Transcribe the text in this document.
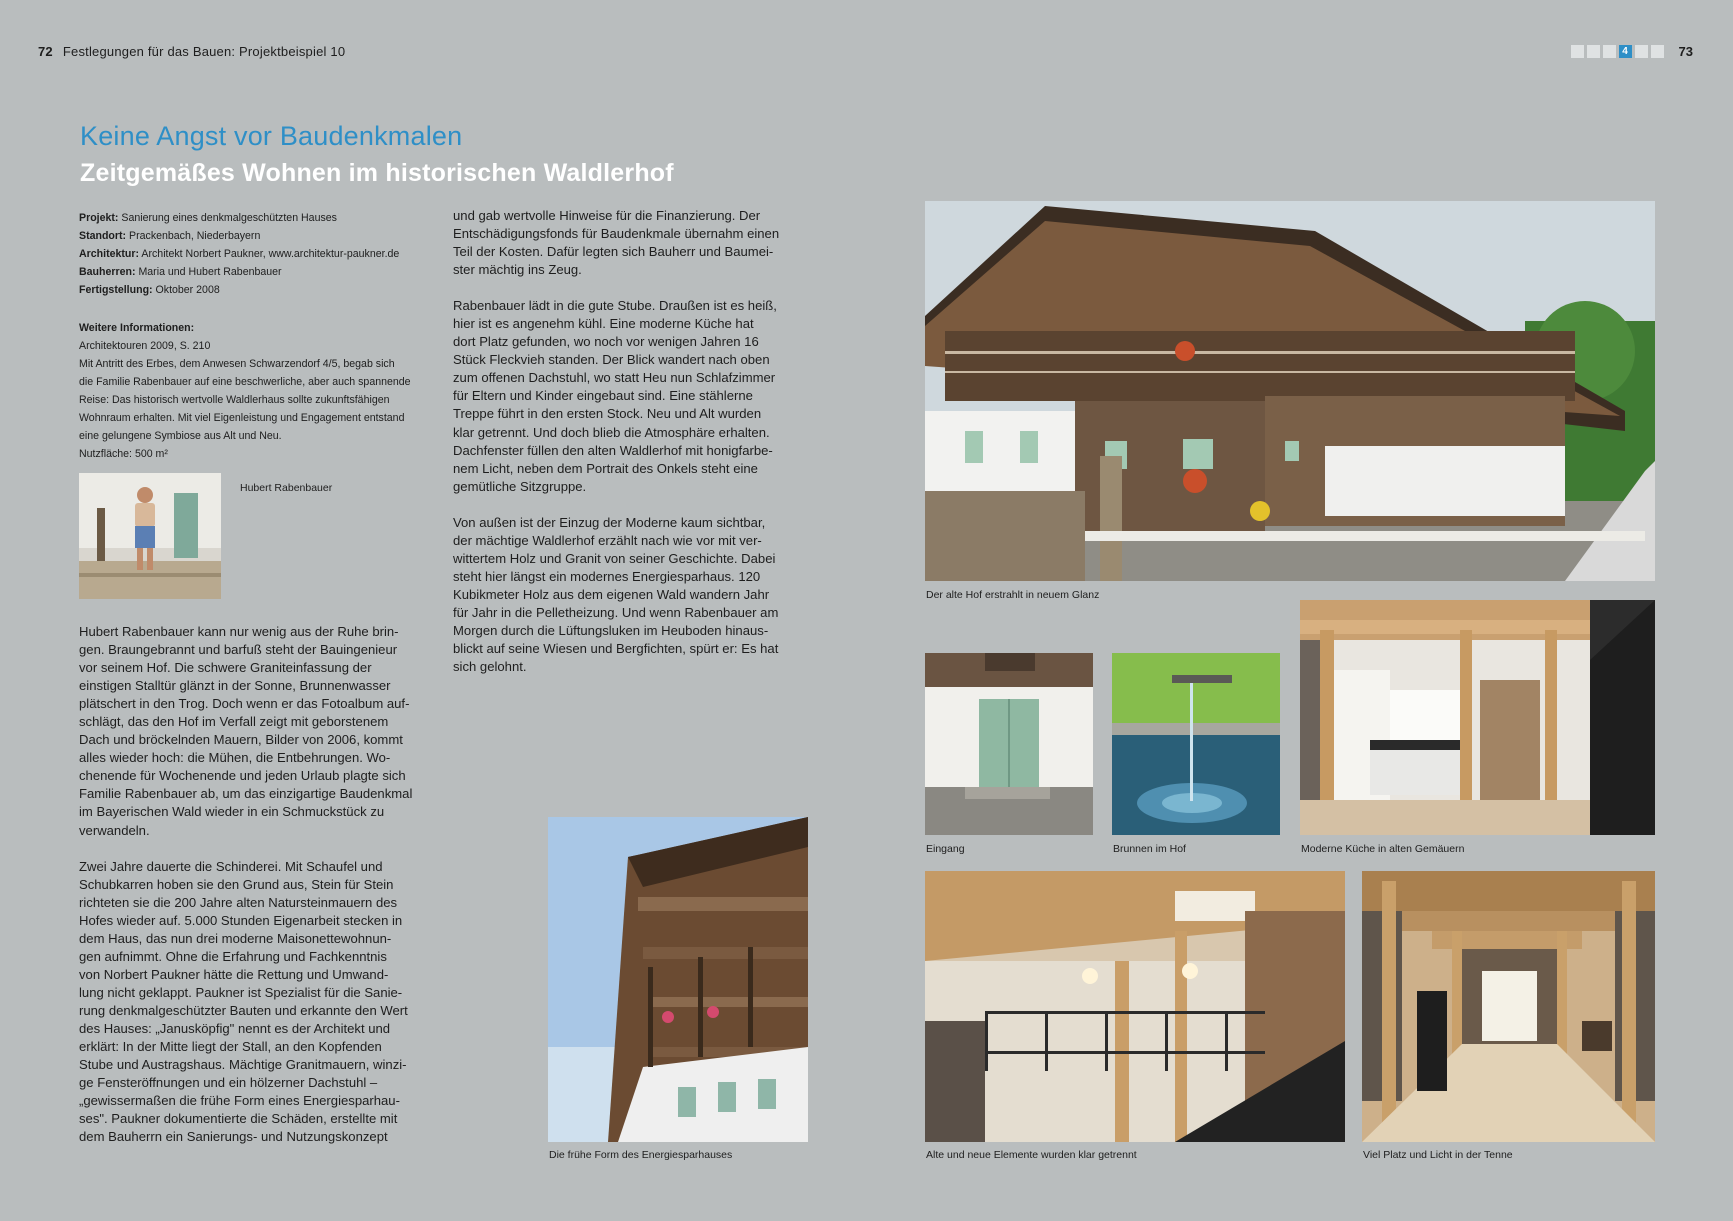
72 Festlegungen für das Bauen: Projektbeispiel 10	4	73
Keine Angst vor Baudenkmalen
Zeitgemäßes Wohnen im historischen Waldlerhof
Projekt: Sanierung eines denkmalgeschützten Hauses
Standort: Prackenbach, Niederbayern
Architektur: Architekt Norbert Paukner, www.architektur-paukner.de
Bauherren: Maria und Hubert Rabenbauer
Fertigstellung: Oktober 2008
Weitere Informationen:
Architektouren 2009, S. 210
Mit Antritt des Erbes, dem Anwesen Schwarzendorf 4/5, begab sich
die Familie Rabenbauer auf eine beschwerliche, aber auch spannende
Reise: Das historisch wertvolle Waldlerhaus sollte zukunftsfähigen
Wohnraum erhalten. Mit viel Eigenleistung und Engagement entstand
eine gelungene Symbiose aus Alt und Neu.
Nutzfläche: 500 m²
Hubert Rabenbauer

Hubert Rabenbauer kann nur wenig aus der Ruhe brin-
gen. Braungebrannt und barfuß steht der Bauingenieur
vor seinem Hof. Die schwere Graniteinfassung der
einstigen Stalltür glänzt in der Sonne, Brunnenwasser
plätschert in den Trog. Doch wenn er das Fotoalbum auf-
schlägt, das den Hof im Verfall zeigt mit geborstenem
Dach und bröckelnden Mauern, Bilder von 2006, kommt
alles wieder hoch: die Mühen, die Entbehrungen. Wo-
chenende für Wochenende und jeden Urlaub plagte sich
Familie Rabenbauer ab, um das einzigartige Baudenkmal
im Bayerischen Wald wieder in ein Schmuckstück zu
verwandeln.

Zwei Jahre dauerte die Schinderei. Mit Schaufel und
Schubkarren hoben sie den Grund aus, Stein für Stein
richteten sie die 200 Jahre alten Natursteinmauern des
Hofes wieder auf. 5.000 Stunden Eigenarbeit stecken in
dem Haus, das nun drei moderne Maisonettewohnun-
gen aufnimmt. Ohne die Erfahrung und Fachkenntnis
von Norbert Paukner hätte die Rettung und Umwand-
lung nicht geklappt. Paukner ist Spezialist für die Sanie-
rung denkmalgeschützter Bauten und erkannte den Wert
des Hauses: „Janusköpfig" nennt es der Architekt und
erklärt: In der Mitte liegt der Stall, an den Kopfenden
Stube und Austragshaus. Mächtige Granitmauern, winzi-
ge Fensteröffnungen und ein hölzerner Dachstuhl –
„gewissermaßen die frühe Form eines Energiesparhau-
ses". Paukner dokumentierte die Schäden, erstellte mit
dem Bauherrn ein Sanierungs- und Nutzungskonzept

und gab wertvolle Hinweise für die Finanzierung. Der
Entschädigungsfonds für Baudenkmale übernahm einen
Teil der Kosten. Dafür legten sich Bauherr und Baumei-
ster mächtig ins Zeug.

Rabenbauer lädt in die gute Stube. Draußen ist es heiß,
hier ist es angenehm kühl. Eine moderne Küche hat
dort Platz gefunden, wo noch vor wenigen Jahren 16
Stück Fleckvieh standen. Der Blick wandert nach oben
zum offenen Dachstuhl, wo statt Heu nun Schlafzimmer
für Eltern und Kinder eingebaut sind. Eine stählerne
Treppe führt in den ersten Stock. Neu und Alt wurden
klar getrennt. Und doch blieb die Atmosphäre erhalten.
Dachfenster füllen den alten Waldlerhof mit honigfarbe-
nem Licht, neben dem Portrait des Onkels steht eine
gemütliche Sitzgruppe.

Von außen ist der Einzug der Moderne kaum sichtbar,
der mächtige Waldlerhof erzählt nach wie vor mit ver-
wittertem Holz und Granit von seiner Geschichte. Dabei
steht hier längst ein modernes Energiesparhaus. 120
Kubikmeter Holz aus dem eigenen Wald wandern Jahr
für Jahr in die Pelletheizung. Und wenn Rabenbauer am
Morgen durch die Lüftungsluken im Heuboden hinaus-
blickt auf seine Wiesen und Bergfichten, spürt er: Es hat
sich gelohnt.

Die frühe Form des Energiesparhauses
Der alte Hof erstrahlt in neuem Glanz
Eingang	Brunnen im Hof	Moderne Küche in alten Gemäuern
Alte und neue Elemente wurden klar getrennt	Viel Platz und Licht in der Tenne
